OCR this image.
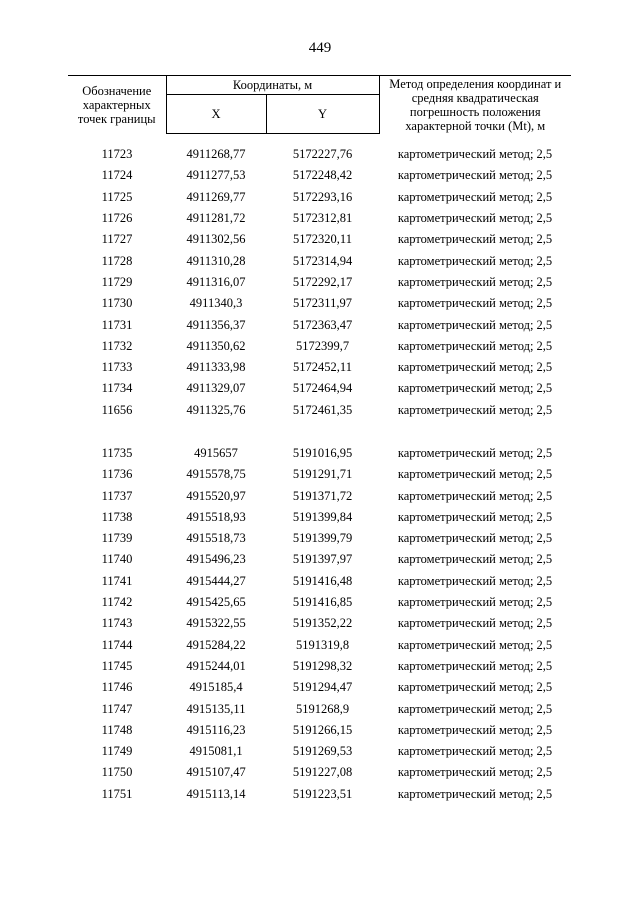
449
Обозначение характерных точек границы	Координаты, м		Метод определения координат и средняя квадратическая погрешность положения характерной точки (Mt), м
	X	Y	

11723	4911268,77	5172227,76	картометрический метод; 2,5
11724	4911277,53	5172248,42	картометрический метод; 2,5
11725	4911269,77	5172293,16	картометрический метод; 2,5
11726	4911281,72	5172312,81	картометрический метод; 2,5
11727	4911302,56	5172320,11	картометрический метод; 2,5
11728	4911310,28	5172314,94	картометрический метод; 2,5
11729	4911316,07	5172292,17	картометрический метод; 2,5
11730	4911340,3	5172311,97	картометрический метод; 2,5
11731	4911356,37	5172363,47	картометрический метод; 2,5
11732	4911350,62	5172399,7	картометрический метод; 2,5
11733	4911333,98	5172452,11	картометрический метод; 2,5
11734	4911329,07	5172464,94	картометрический метод; 2,5
11656	4911325,76	5172461,35	картометрический метод; 2,5

11735	4915657	5191016,95	картометрический метод; 2,5
11736	4915578,75	5191291,71	картометрический метод; 2,5
11737	4915520,97	5191371,72	картометрический метод; 2,5
11738	4915518,93	5191399,84	картометрический метод; 2,5
11739	4915518,73	5191399,79	картометрический метод; 2,5
11740	4915496,23	5191397,97	картометрический метод; 2,5
11741	4915444,27	5191416,48	картометрический метод; 2,5
11742	4915425,65	5191416,85	картометрический метод; 2,5
11743	4915322,55	5191352,22	картометрический метод; 2,5
11744	4915284,22	5191319,8	картометрический метод; 2,5
11745	4915244,01	5191298,32	картометрический метод; 2,5
11746	4915185,4	5191294,47	картометрический метод; 2,5
11747	4915135,11	5191268,9	картометрический метод; 2,5
11748	4915116,23	5191266,15	картометрический метод; 2,5
11749	4915081,1	5191269,53	картометрический метод; 2,5
11750	4915107,47	5191227,08	картометрический метод; 2,5
11751	4915113,14	5191223,51	картометрический метод; 2,5
